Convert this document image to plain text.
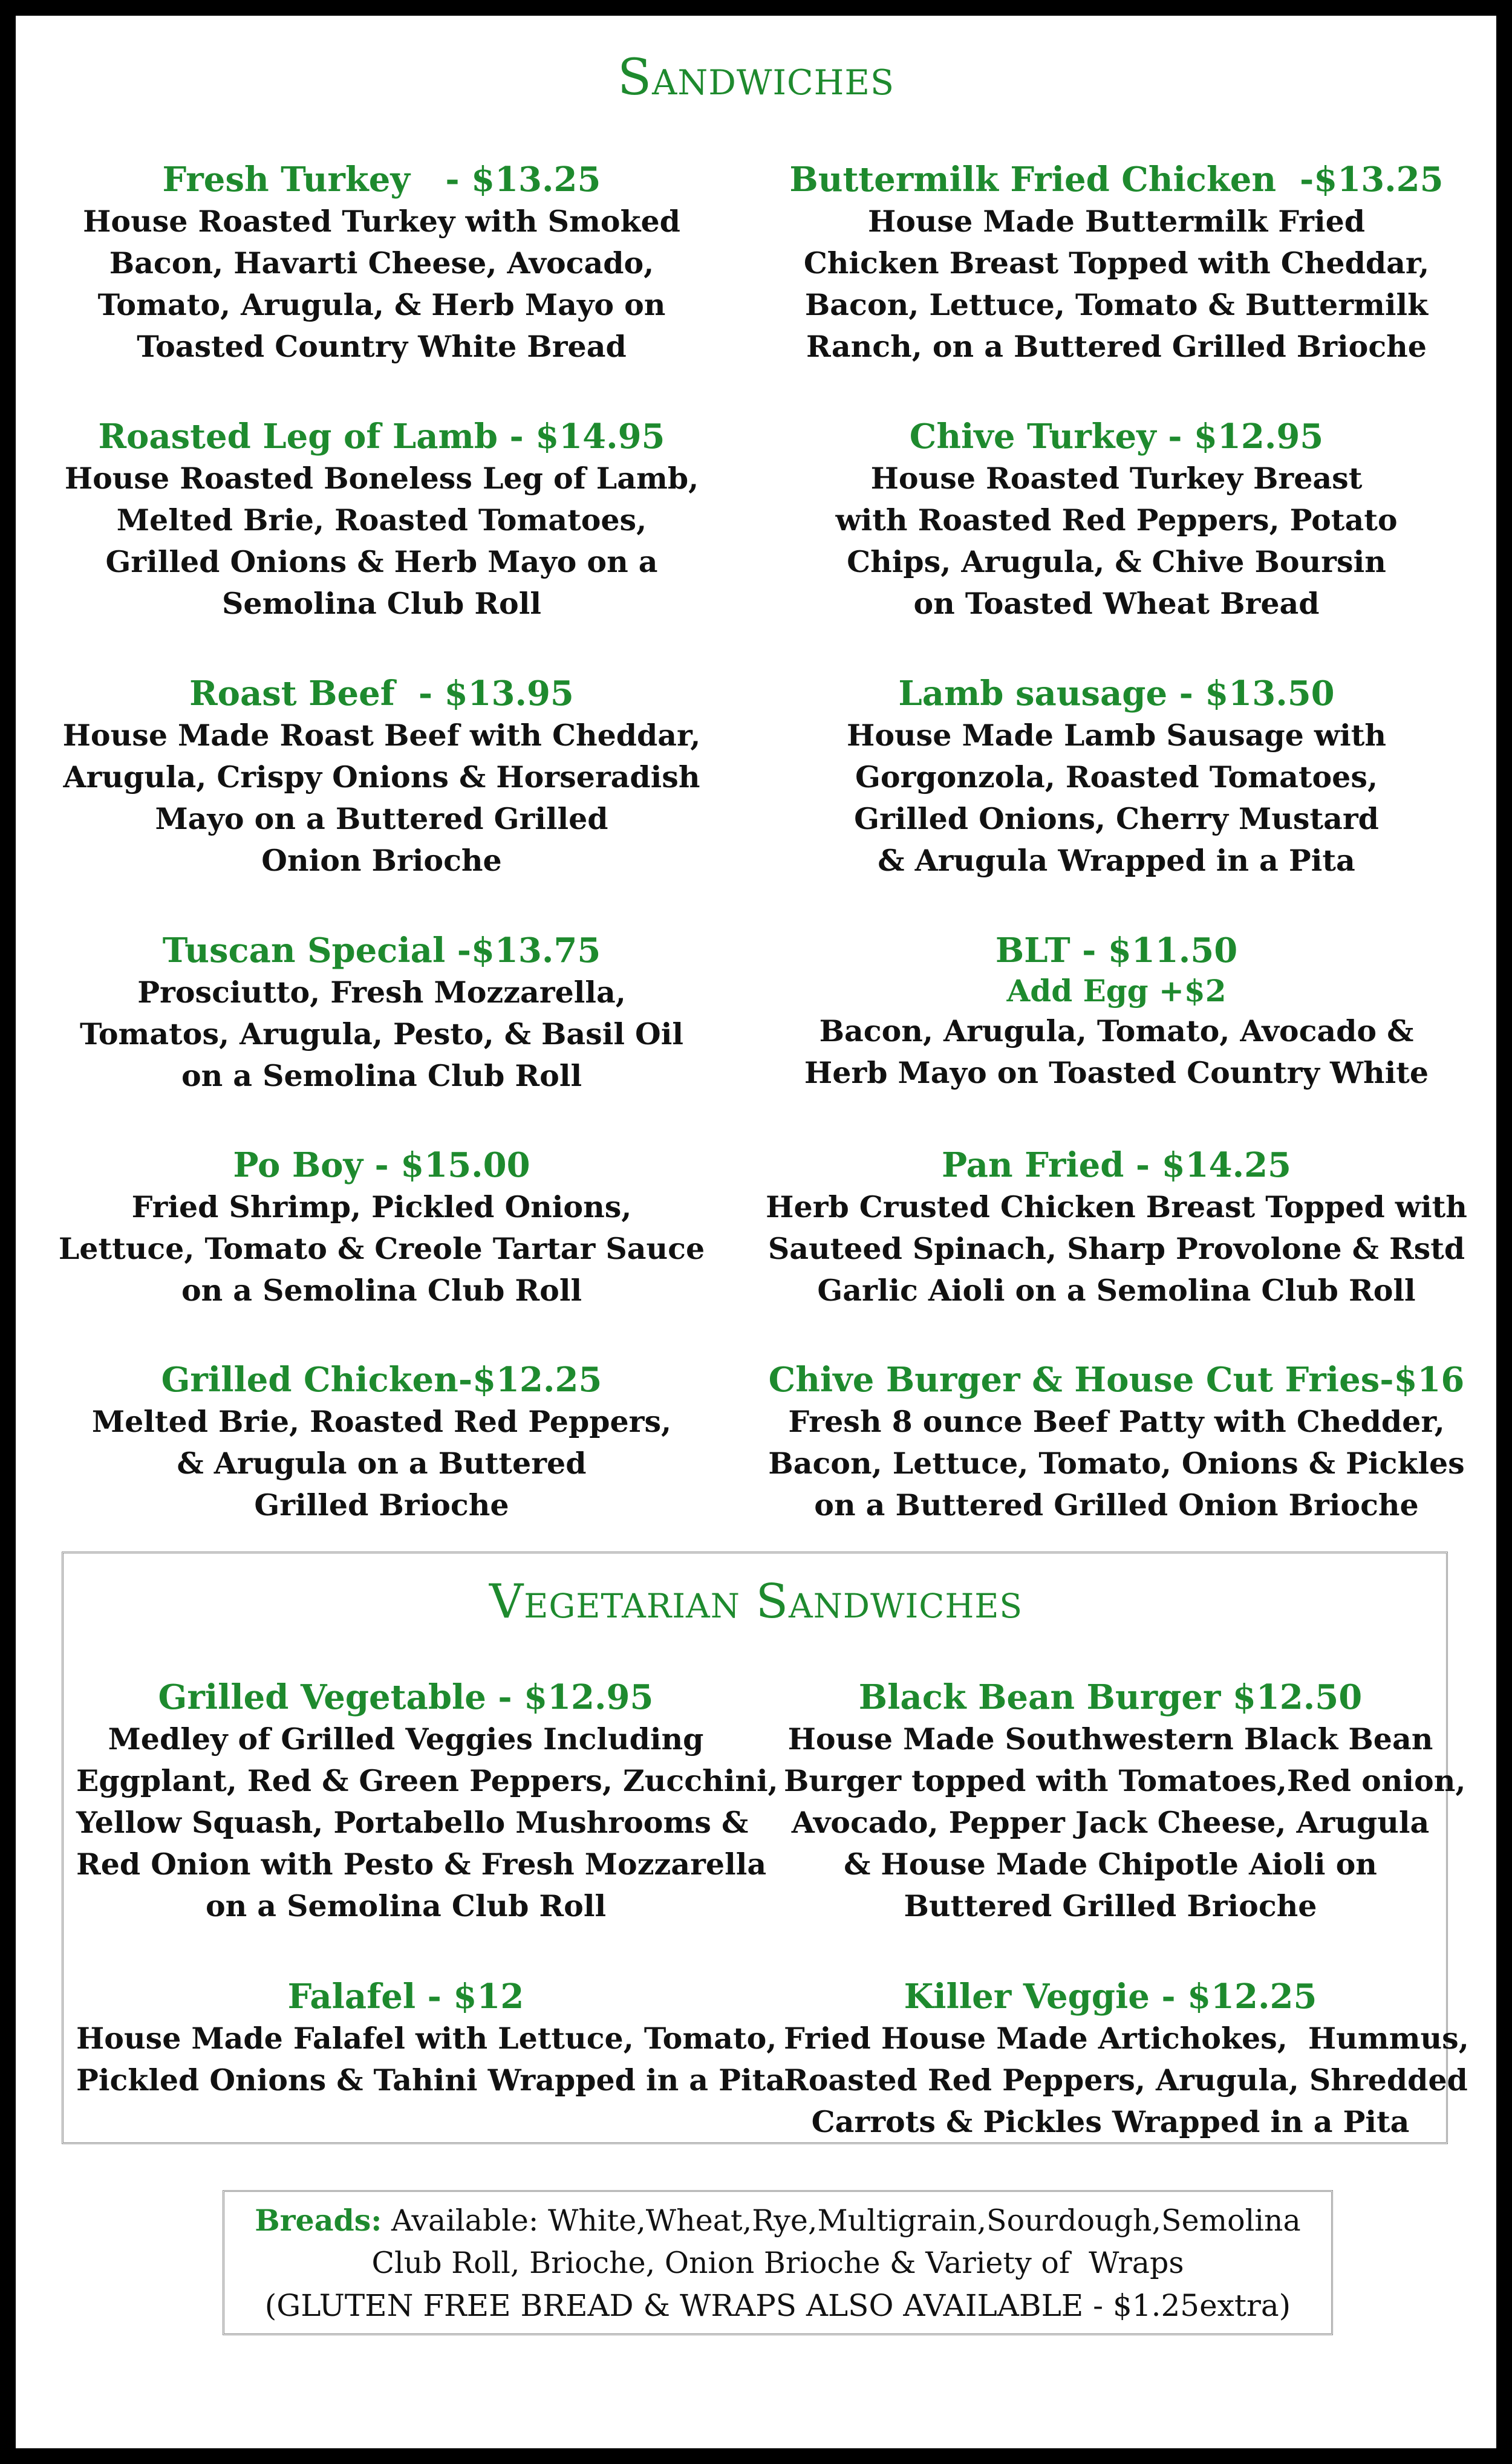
Sandwiches
Fresh Turkey   - $13.25
House Roasted Turkey with Smoked
Bacon, Havarti Cheese, Avocado,
Tomato, Arugula, & Herb Mayo on
Toasted Country White Bread
Roasted Leg of Lamb - $14.95
House Roasted Boneless Leg of Lamb,
Melted Brie, Roasted Tomatoes,
Grilled Onions & Herb Mayo on a
Semolina Club Roll
Roast Beef  - $13.95
House Made Roast Beef with Cheddar,
Arugula, Crispy Onions & Horseradish
Mayo on a Buttered Grilled
Onion Brioche
Tuscan Special -$13.75
Prosciutto, Fresh Mozzarella,
Tomatos, Arugula, Pesto, & Basil Oil
on a Semolina Club Roll
Po Boy - $15.00
Fried Shrimp, Pickled Onions,
Lettuce, Tomato & Creole Tartar Sauce
on a Semolina Club Roll
Grilled Chicken-$12.25
Melted Brie, Roasted Red Peppers,
& Arugula on a Buttered
Grilled Brioche
Buttermilk Fried Chicken  -$13.25
House Made Buttermilk Fried
Chicken Breast Topped with Cheddar,
Bacon, Lettuce, Tomato & Buttermilk
Ranch, on a Buttered Grilled Brioche
Chive Turkey - $12.95
House Roasted Turkey Breast
with Roasted Red Peppers, Potato
Chips, Arugula, & Chive Boursin
on Toasted Wheat Bread
Lamb sausage - $13.50
House Made Lamb Sausage with
Gorgonzola, Roasted Tomatoes,
Grilled Onions, Cherry Mustard
& Arugula Wrapped in a Pita
BLT - $11.50
Add Egg +$2
Bacon, Arugula, Tomato, Avocado &
Herb Mayo on Toasted Country White
Pan Fried - $14.25
Herb Crusted Chicken Breast Topped with
Sauteed Spinach, Sharp Provolone & Rstd
Garlic Aioli on a Semolina Club Roll
Chive Burger & House Cut Fries-$16
Fresh 8 ounce Beef Patty with Chedder,
Bacon, Lettuce, Tomato, Onions & Pickles
on a Buttered Grilled Onion Brioche
Vegetarian Sandwiches
Grilled Vegetable - $12.95
Medley of Grilled Veggies Including
Eggplant, Red & Green Peppers, Zucchini,
Yellow Squash, Portabello Mushrooms &
Red Onion with Pesto & Fresh Mozzarella
on a Semolina Club Roll
Falafel - $12
House Made Falafel with Lettuce, Tomato,
Pickled Onions & Tahini Wrapped in a Pita
Black Bean Burger $12.50
House Made Southwestern Black Bean
Burger topped with Tomatoes,Red onion,
Avocado, Pepper Jack Cheese, Arugula
& House Made Chipotle Aioli on
Buttered Grilled Brioche
Killer Veggie - $12.25
Fried House Made Artichokes,  Hummus,
Roasted Red Peppers, Arugula, Shredded
Carrots & Pickles Wrapped in a Pita
Breads: Available: White,Wheat,Rye,Multigrain,Sourdough,Semolina
Club Roll, Brioche, Onion Brioche & Variety of  Wraps
(GLUTEN FREE BREAD & WRAPS ALSO AVAILABLE - $1.25extra)
